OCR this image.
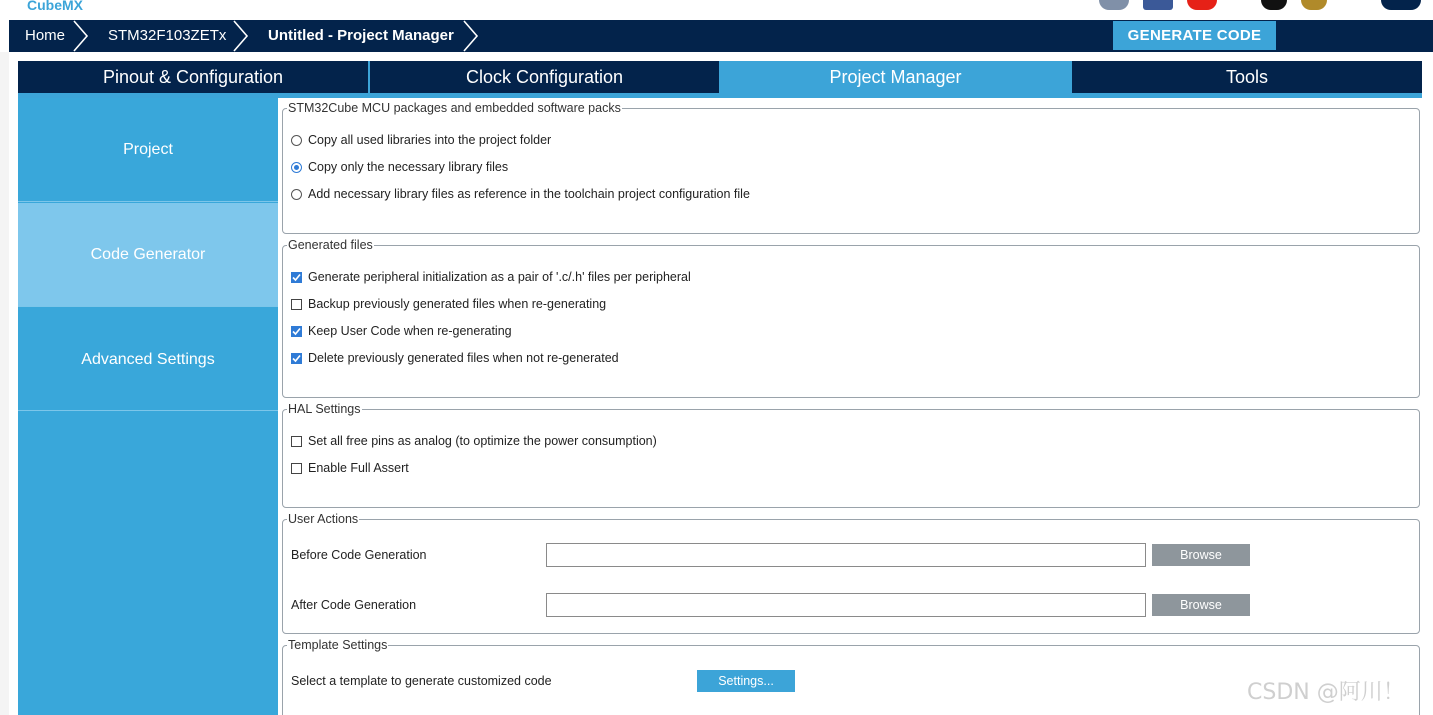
CubeMX
Home	STM32F103ZETx	Untitled - Project Manager	GENERATE CODE
Pinout & Configuration	Clock Configuration	Project Manager	Tools
Project
Code Generator
Advanced Settings
STM32Cube MCU packages and embedded software packs
Copy all used libraries into the project folder
Copy only the necessary library files
Add necessary library files as reference in the toolchain project configuration file
Generated files
Generate peripheral initialization as a pair of '.c/.h' files per peripheral
Backup previously generated files when re-generating
Keep User Code when re-generating
Delete previously generated files when not re-generated
HAL Settings
Set all free pins as analog (to optimize the power consumption)
Enable Full Assert
User Actions
Before Code Generation	Browse
After Code Generation	Browse
Template Settings
Select a template to generate customized code	Settings...	CSDN @阿川！
